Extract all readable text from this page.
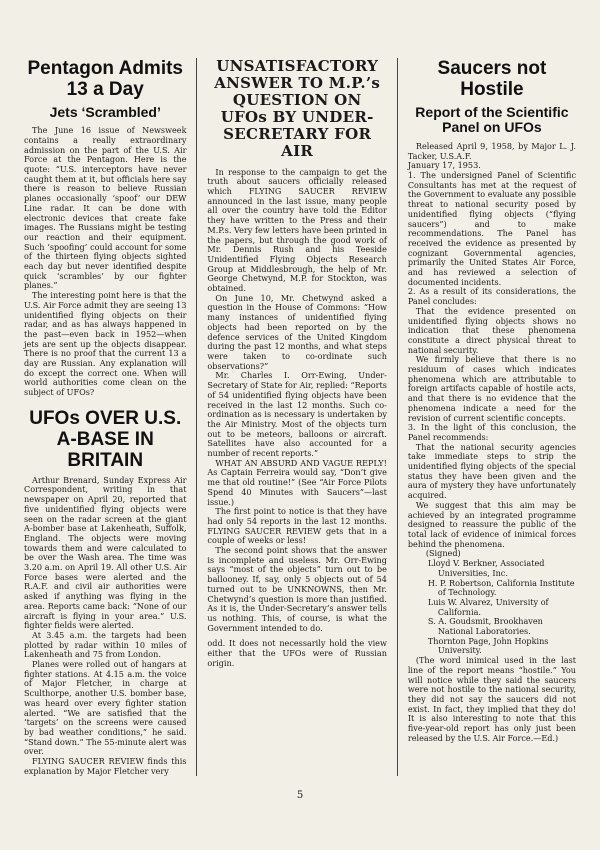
Pentagon Admits 13 a Day
Jets ‘Scrambled’

The June 16 issue of Newsweek contains a really extraordinary admission on the part of the U.S. Air Force at the Pentagon. Here is the quote: “U.S. interceptors have never caught them at it, but officials here say there is reason to believe Russian planes occasionally ‘spoof’ our DEW Line radar. It can be done with electronic devices that create fake images. The Russians might be testing our reaction and their equipment. Such ‘spoofing’ could account for some of the thirteen flying objects sighted each day but never identified despite quick ‘scrambles’ by our fighter planes.”

The interesting point here is that the U.S. Air Force admit they are seeing 13 unidentified flying objects on their radar, and as has always happened in the past—even back in 1952—when jets are sent up the objects disappear. There is no proof that the current 13 a day are Russian. Any explanation will do except the correct one. When will world authorities come clean on the subject of UFOs?

UFOs OVER U.S. A-BASE IN BRITAIN

Arthur Brenard, Sunday Express Air Correspondent, writing in that newspaper on April 20, reported that five unidentified flying objects were seen on the radar screen at the giant A-bomber base at Lakenheath, Suffolk, England. The objects were moving towards them and were calculated to be over the Wash area. The time was 3.20 a.m. on April 19. All other U.S. Air Force bases were alerted and the R.A.F. and civil air authorities were asked if anything was flying in the area. Reports came back: “None of our aircraft is flying in your area.” U.S. fighter fields were alerted.

At 3.45 a.m. the targets had been plotted by radar within 10 miles of Lakenheath and 75 from London.

Planes were rolled out of hangars at fighter stations. At 4.15 a.m. the voice of Major Fletcher, in charge at Sculthorpe, another U.S. bomber base, was heard over every fighter station alerted. “We are satisfied that the ‘targets’ on the screens were caused by bad weather conditions,” he said. “Stand down.” The 55-minute alert was over.

FLYING SAUCER REVIEW finds this explanation by Major Fletcher very

UNSATISFACTORY ANSWER TO M.P.’s QUESTION ON UFOs BY UNDER-SECRETARY FOR AIR

In response to the campaign to get the truth about saucers officially released which FLYING SAUCER REVIEW announced in the last issue, many people all over the country have told the Editor they have written to the Press and their M.P.s. Very few letters have been printed in the papers, but through the good work of Mr. Dennis Rush and his Teeside Unidentified Flying Objects Research Group at Middlesbrough, the help of Mr. George Chetwynd, M.P. for Stockton, was obtained.

On June 10, Mr. Chetwynd asked a question in the House of Commons: “How many instances of unidentified flying objects had been reported on by the defence services of the United Kingdom during the past 12 months, and what steps were taken to co-ordinate such observations?”

Mr. Charles I. Orr-Ewing, Under-Secretary of State for Air, replied: “Reports of 54 unidentified flying objects have been received in the last 12 months. Such co-ordination as is necessary is undertaken by the Air Ministry. Most of the objects turn out to be meteors, balloons or aircraft. Satellites have also accounted for a number of recent reports.”

WHAT AN ABSURD AND VAGUE REPLY! As Captain Ferreira would say, “Don’t give me that old routine!” (See “Air Force Pilots Spend 40 Minutes with Saucers”—last issue.)

The first point to notice is that they have had only 54 reports in the last 12 months. FLYING SAUCER REVIEW gets that in a couple of weeks or less!

The second point shows that the answer is incomplete and useless. Mr. Orr-Ewing says “most of the objects” turn out to be ballooney. If, say, only 5 objects out of 54 turned out to be UNKNOWNS, then Mr. Chetwynd’s question is more than justified. As it is, the Under-Secretary’s answer tells us nothing. This, of course, is what the Government intended to do.

odd. It does not necessarily hold the view either that the UFOs were of Russian origin.

Saucers not Hostile
Report of the Scientific Panel on UFOs

Released April 9, 1958, by Major L. J. Tacker, U.S.A.F.

January 17, 1953.

1. The undersigned Panel of Scientific Consultants has met at the request of the Government to evaluate any possible threat to national security posed by unidentified flying objects (“flying saucers”) and to make recommendations. The Panel has received the evidence as presented by cognizant Governmental agencies, primarily the United States Air Force, and has reviewed a selection of documented incidents.

2. As a result of its considerations, the Panel concludes:

That the evidence presented on unidentified flying objects shows no indication that these phenomena constitute a direct physical threat to national security.

We firmly believe that there is no residuum of cases which indicates phenomena which are attributable to foreign artifacts capable of hostile acts, and that there is no evidence that the phenomena indicate a need for the revision of current scientific concepts.

3. In the light of this conclusion, the Panel recommends:

That the national security agencies take immediate steps to strip the unidentified flying objects of the special status they have been given and the aura of mystery they have unfortunately acquired.

We suggest that this aim may be achieved by an integrated programme designed to reassure the public of the total lack of evidence of inimical forces behind the phenomena.

(Signed)

Lloyd V. Berkner, Associated Universities, Inc.

H. P. Robertson, California Institute of Technology.

Luis W. Alvarez, University of California.

S. A. Goudsmit, Brookhaven National Laboratories.

Thornton Page, John Hopkins University.

(The word inimical used in the last line of the report means “hostile.” You will notice while they said the saucers were not hostile to the national security, they did not say the saucers did not exist. In fact, they implied that they do! It is also interesting to note that this five-year-old report has only just been released by the U.S. Air Force.—Ed.)

5
